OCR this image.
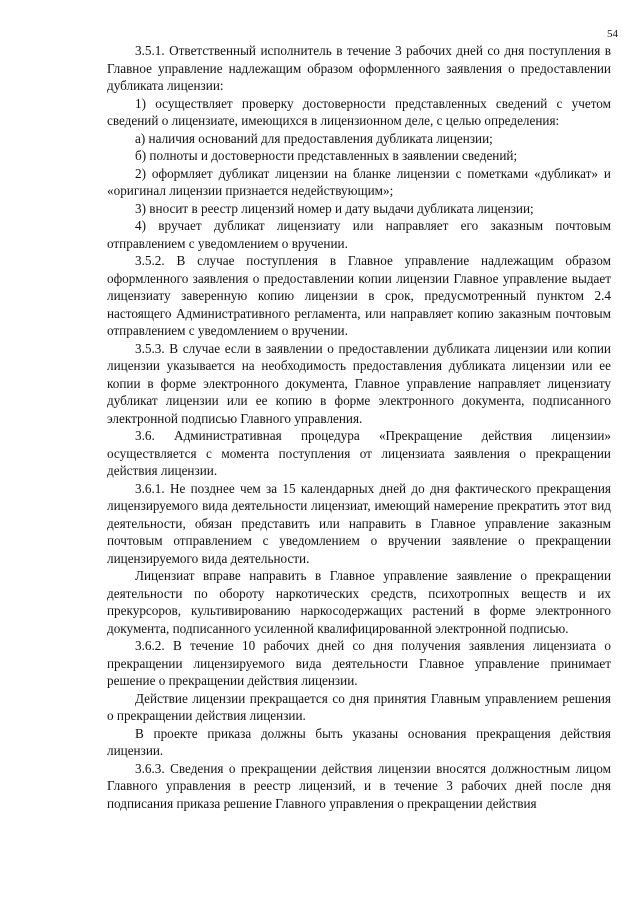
54

3.5.1. Ответственный исполнитель в течение 3 рабочих дней со дня поступления в Главное управление надлежащим образом оформленного заявления о предоставлении дубликата лицензии:

1) осуществляет проверку достоверности представленных сведений с учетом сведений о лицензиате, имеющихся в лицензионном деле, с целью определения:

а) наличия оснований для предоставления дубликата лицензии;

б) полноты и достоверности представленных в заявлении сведений;

2) оформляет дубликат лицензии на бланке лицензии с пометками «дубликат» и «оригинал лицензии признается недействующим»;

3) вносит в реестр лицензий номер и дату выдачи дубликата лицензии;

4) вручает дубликат лицензиату или направляет его заказным почтовым отправлением с уведомлением о вручении.

3.5.2. В случае поступления в Главное управление надлежащим образом оформленного заявления о предоставлении копии лицензии Главное управление выдает лицензиату заверенную копию лицензии в срок, предусмотренный пунктом 2.4 настоящего Административного регламента, или направляет копию заказным почтовым отправлением с уведомлением о вручении.

3.5.3. В случае если в заявлении о предоставлении дубликата лицензии или копии лицензии указывается на необходимость предоставления дубликата лицензии или ее копии в форме электронного документа, Главное управление направляет лицензиату дубликат лицензии или ее копию в форме электронного документа, подписанного электронной подписью Главного управления.

3.6. Административная процедура «Прекращение действия лицензии» осуществляется с момента поступления от лицензиата заявления о прекращении действия лицензии.

3.6.1. Не позднее чем за 15 календарных дней до дня фактического прекращения лицензируемого вида деятельности лицензиат, имеющий намерение прекратить этот вид деятельности, обязан представить или направить в Главное управление заказным почтовым отправлением с уведомлением о вручении заявление о прекращении лицензируемого вида деятельности.

Лицензиат вправе направить в Главное управление заявление о прекращении деятельности по обороту наркотических средств, психотропных веществ и их прекурсоров, культивированию наркосодержащих растений в форме электронного документа, подписанного усиленной квалифицированной электронной подписью.

3.6.2. В течение 10 рабочих дней со дня получения заявления лицензиата о прекращении лицензируемого вида деятельности Главное управление принимает решение о прекращении действия лицензии.

Действие лицензии прекращается со дня принятия Главным управлением решения о прекращении действия лицензии.

В проекте приказа должны быть указаны основания прекращения действия лицензии.

3.6.3. Сведения о прекращении действия лицензии вносятся должностным лицом Главного управления в реестр лицензий, и в течение 3 рабочих дней после дня подписания приказа решение Главного управления о прекращении действия
